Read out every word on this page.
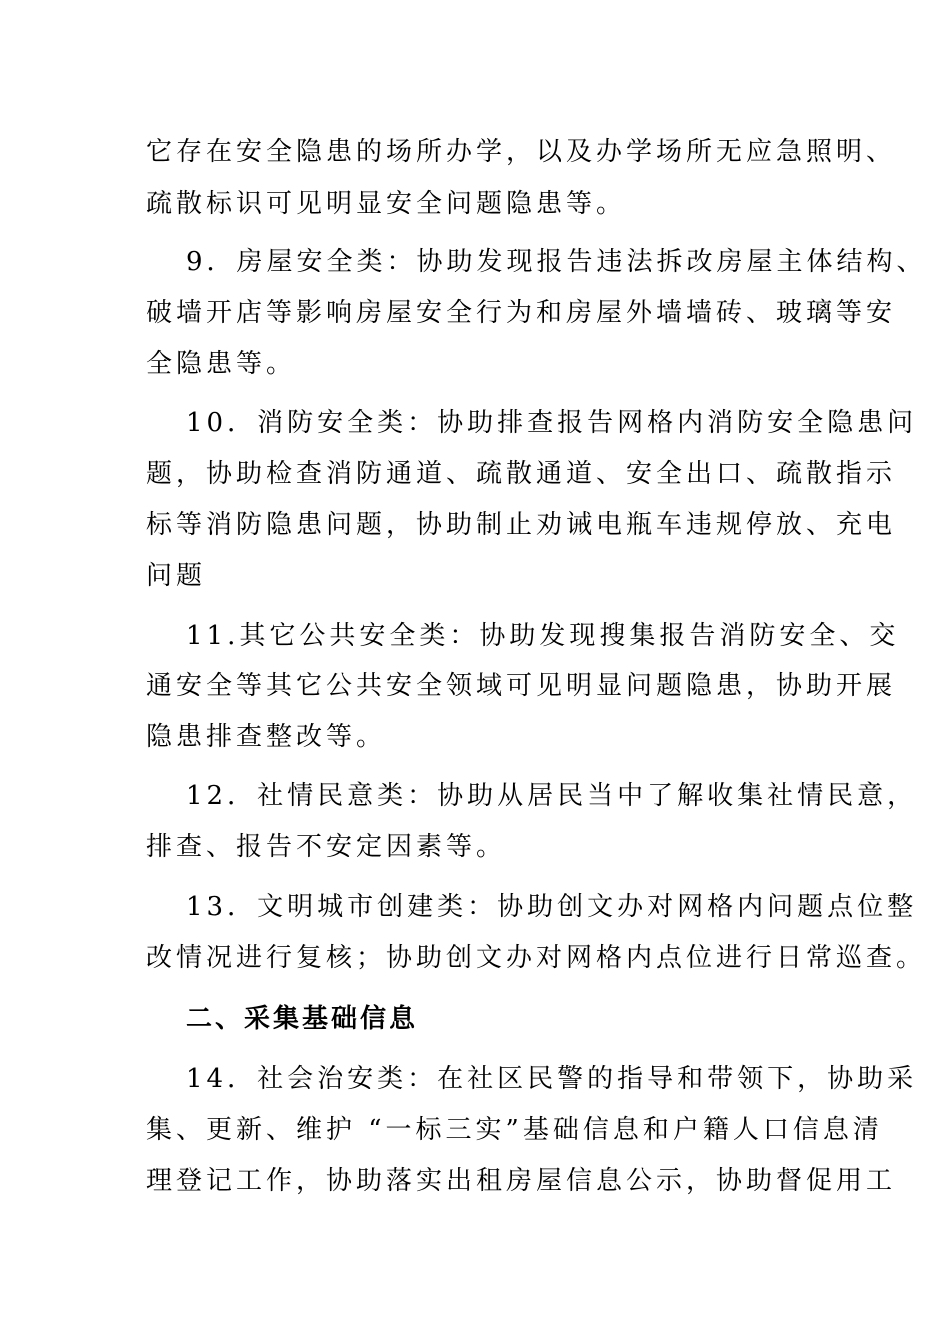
它存在安全隐患的场所办学，以及办学场所无应急照明、

疏散标识可见明显安全问题隐患等。

9．房屋安全类：协助发现报告违法拆改房屋主体结构、

破墙开店等影响房屋安全行为和房屋外墙墙砖、玻璃等安

全隐患等。

10．消防安全类：协助排查报告网格内消防安全隐患问

题，协助检查消防通道、疏散通道、安全出口、疏散指示

标等消防隐患问题，协助制止劝诫电瓶车违规停放、充电

问题

11.其它公共安全类：协助发现搜集报告消防安全、交

通安全等其它公共安全领域可见明显问题隐患，协助开展

隐患排查整改等。

12．社情民意类：协助从居民当中了解收集社情民意，

排查、报告不安定因素等。

13．文明城市创建类：协助创文办对网格内问题点位整

改情况进行复核；协助创文办对网格内点位进行日常巡查。

二、采集基础信息

14．社会治安类：在社区民警的指导和带领下，协助采

集、更新、维护 “一标三实”基础信息和户籍人口信息清

理登记工作，协助落实出租房屋信息公示，协助督促用工
